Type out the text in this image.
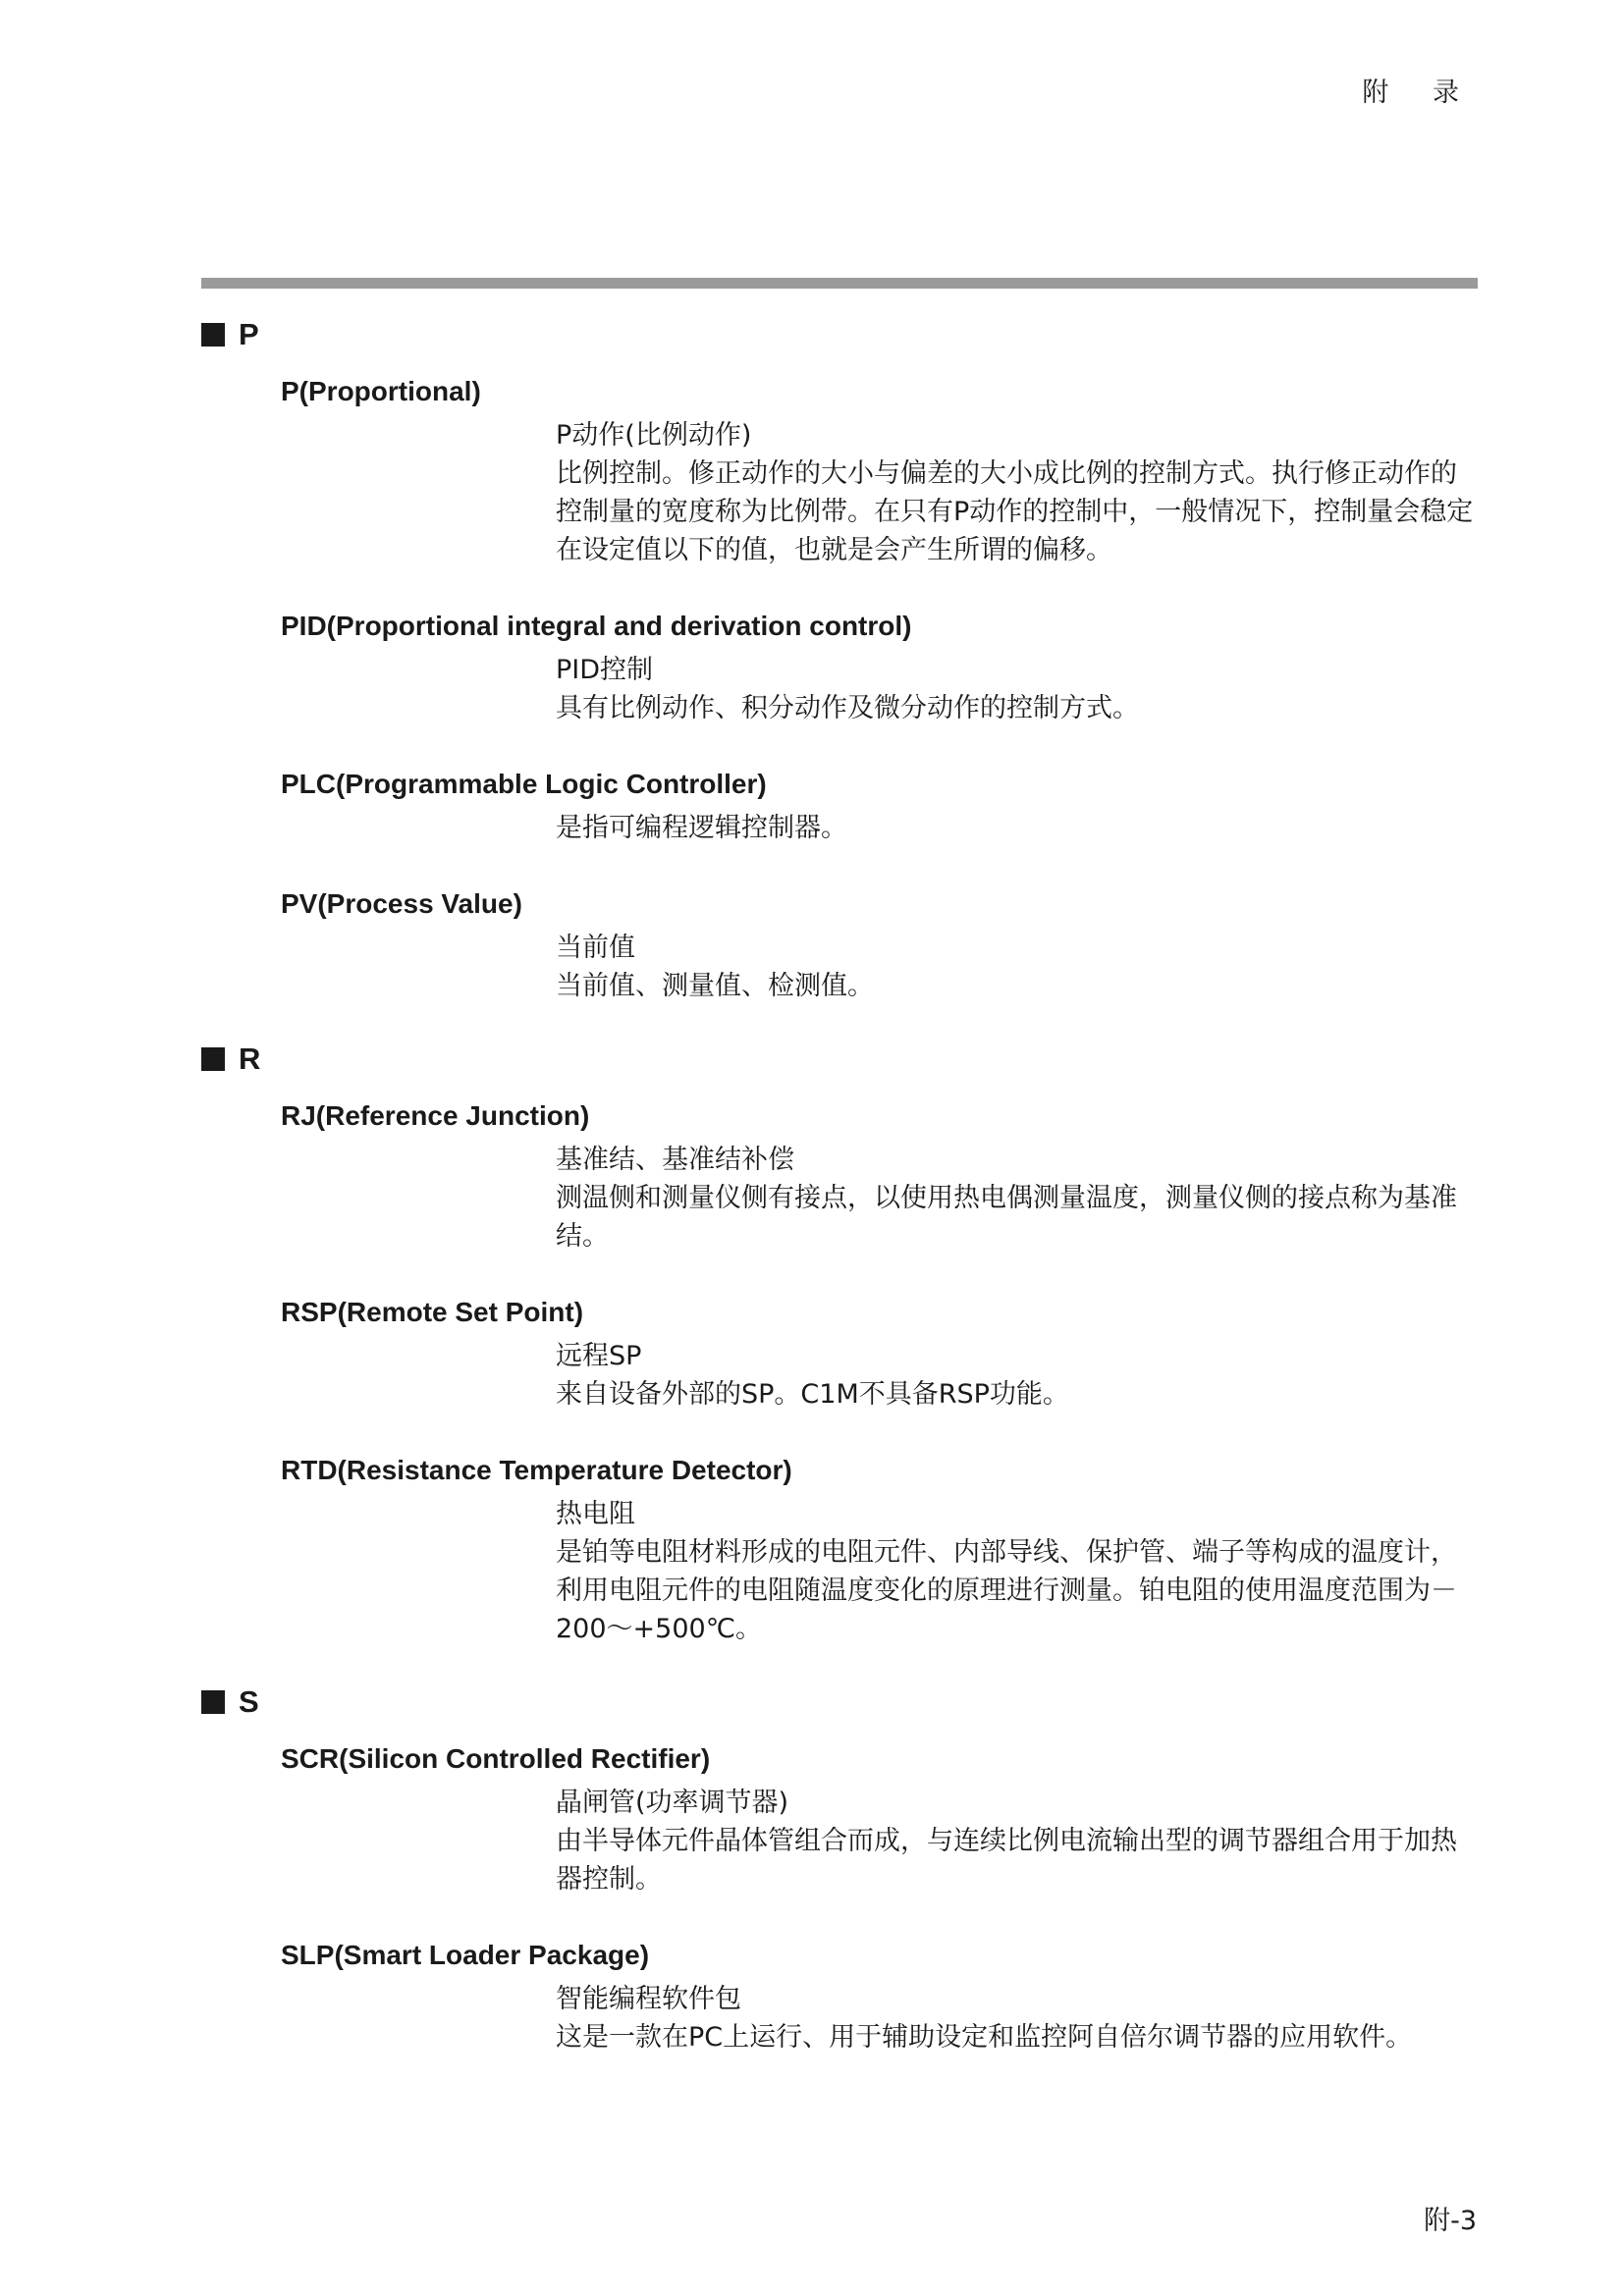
附 录
P
P(Proportional)
P动作(比例动作)
比例控制。修正动作的大小与偏差的大小成比例的控制方式。执行修正动作的控制量的宽度称为比例带。在只有P动作的控制中，一般情况下，控制量会稳定在设定值以下的值，也就是会产生所谓的偏移。
PID(Proportional integral and derivation control)
PID控制
具有比例动作、积分动作及微分动作的控制方式。
PLC(Programmable Logic Controller)
是指可编程逻辑控制器。
PV(Process Value)
当前值
当前值、测量值、检测值。
R
RJ(Reference Junction)
基准结、基准结补偿
测温侧和测量仪侧有接点，以使用热电偶测量温度，测量仪侧的接点称为基准结。
RSP(Remote Set Point)
远程SP
来自设备外部的SP。C1M不具备RSP功能。
RTD(Resistance Temperature Detector)
热电阻
是铂等电阻材料形成的电阻元件、内部导线、保护管、端子等构成的温度计，利用电阻元件的电阻随温度变化的原理进行测量。铂电阻的使用温度范围为－200～+500℃。
S
SCR(Silicon Controlled Rectifier)
晶闸管(功率调节器)
由半导体元件晶体管组合而成，与连续比例电流输出型的调节器组合用于加热器控制。
SLP(Smart Loader Package)
智能编程软件包
这是一款在PC上运行、用于辅助设定和监控阿自倍尔调节器的应用软件。
附-3
